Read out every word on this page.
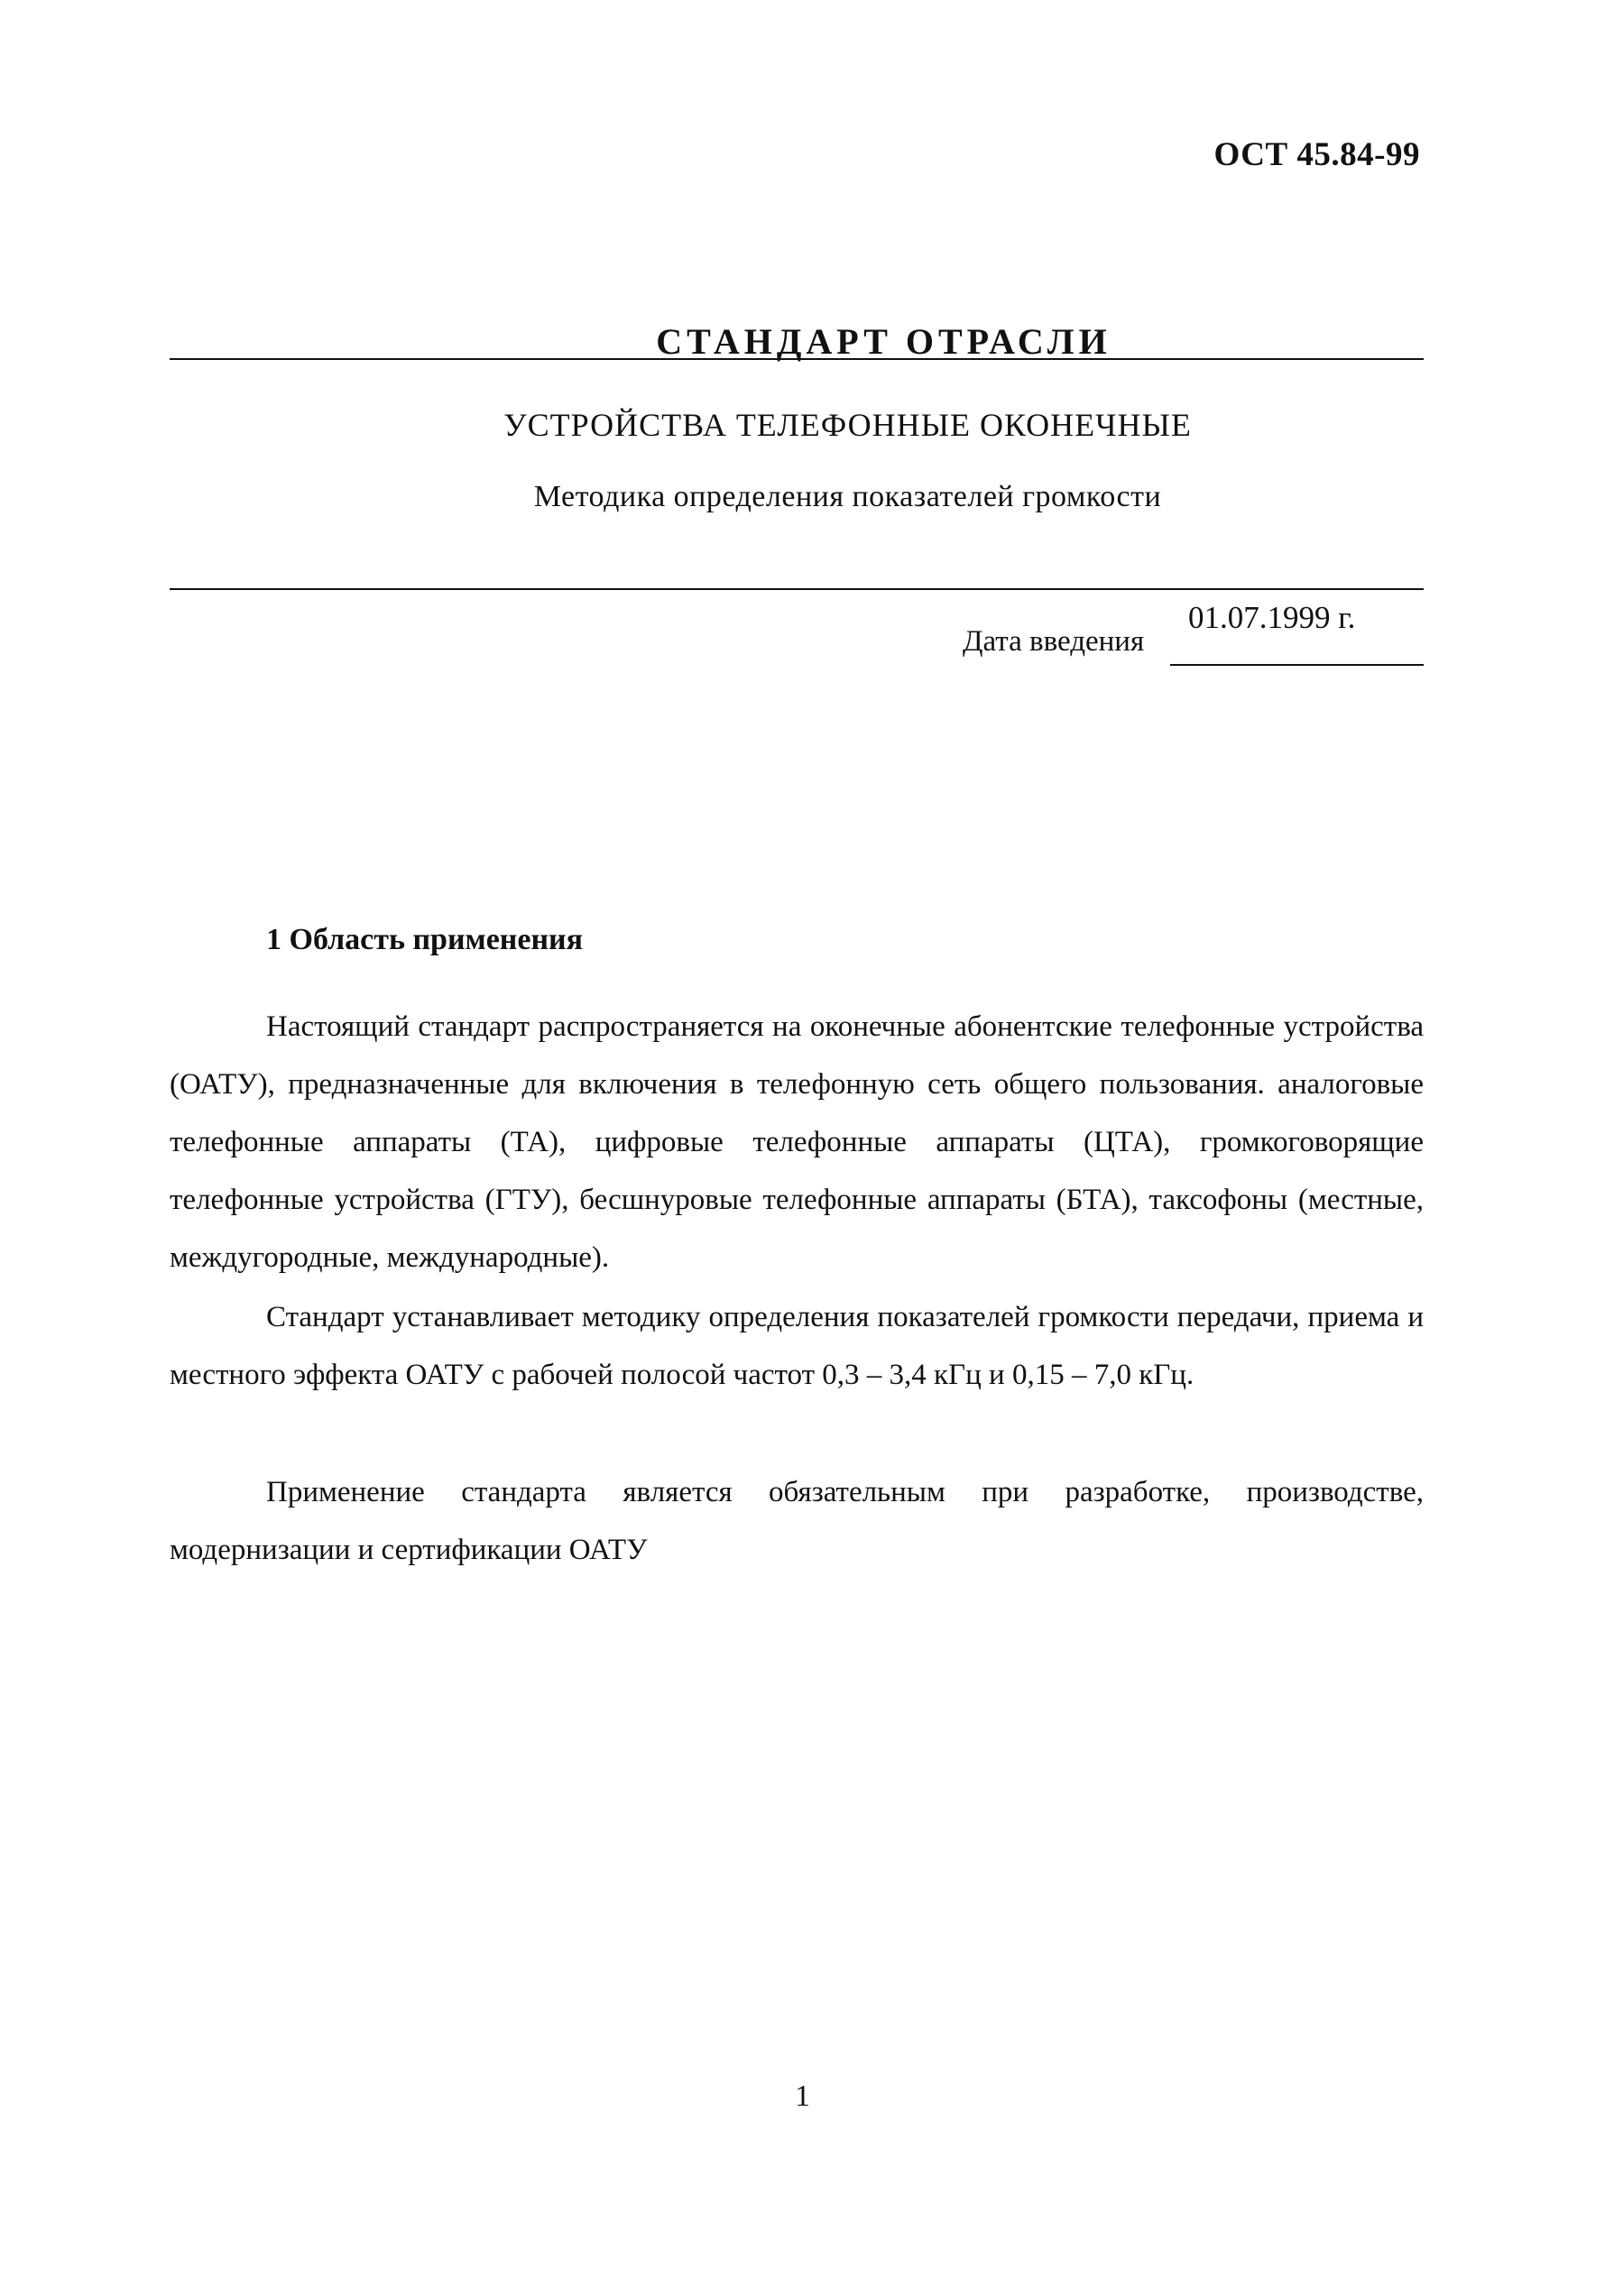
ОСТ 45.84-99
СТАНДАРТ ОТРАСЛИ
УСТРОЙСТВА ТЕЛЕФОННЫЕ ОКОНЕЧНЫЕ
Методика определения показателей громкости
01.07.1999 г.
Дата введения
1 Область применения

Настоящий стандарт распространяется на оконечные абонентские телефонные устройства (ОАТУ), предназначенные для включения в телефонную сеть общего пользования. аналоговые телефонные аппараты (ТА), цифровые телефонные аппараты (ЦТА), громкоговорящие телефонные устройства (ГТУ), бесшнуровые телефонные аппараты (БТА), таксофоны (местные, междугородные, международные).

Стандарт устанавливает методику определения показателей громкости передачи, приема и местного эффекта ОАТУ с рабочей полосой частот 0,3 – 3,4 кГц и 0,15 – 7,0 кГц.

Применение стандарта является обязательным при разработке, производстве, модернизации и сертификации ОАТУ

1
